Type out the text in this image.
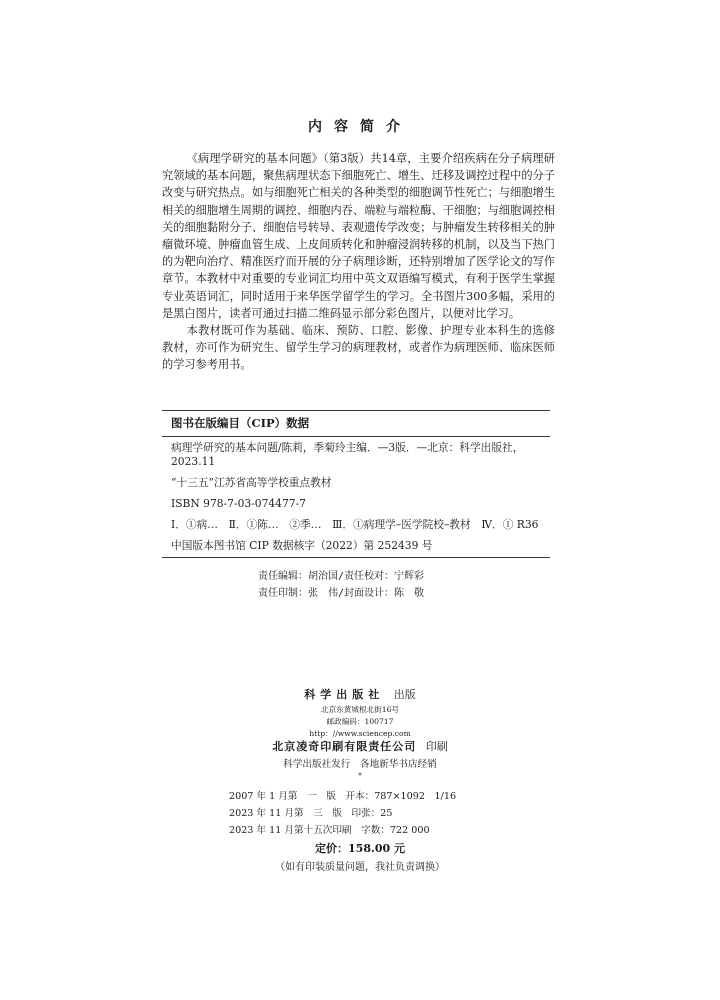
内容简介

《病理学研究的基本问题》（第3版）共14章，主要介绍疾病在分子病理研究领域的基本问题，聚焦病理状态下细胞死亡、增生、迁移及调控过程中的分子改变与研究热点。如与细胞死亡相关的各种类型的细胞调节性死亡；与细胞增生相关的细胞增生周期的调控、细胞内吞、端粒与端粒酶、干细胞；与细胞调控相关的细胞黏附分子、细胞信号转导、表观遗传学改变；与肿瘤发生转移相关的肿瘤微环境、肿瘤血管生成、上皮间质转化和肿瘤浸润转移的机制，以及当下热门的为靶向治疗、精准医疗而开展的分子病理诊断，还特别增加了医学论文的写作章节。本教材中对重要的专业词汇均用中英文双语编写模式，有利于医学生掌握专业英语词汇，同时适用于来华医学留学生的学习。全书图片300多幅，采用的是黑白图片，读者可通过扫描二维码显示部分彩色图片，以便对比学习。

本教材既可作为基础、临床、预防、口腔、影像、护理专业本科生的选修教材，亦可作为研究生、留学生学习的病理教材，或者作为病理医师、临床医师的学习参考用书。

图书在版编目（CIP）数据
病理学研究的基本问题/陈莉，季菊玲主编．—3版．—北京：科学出版社，
2023.11
“十三五”江苏省高等学校重点教材
ISBN 978-7-03-074477-7
Ⅰ．①病…　Ⅱ．①陈…　②季…　Ⅲ．①病理学–医学院校–教材　Ⅳ．① R36
中国版本图书馆 CIP 数据核字（2022）第 252439 号
责任编辑：胡治国/责任校对：宁辉彩
责任印制：张　伟/封面设计：陈　敬
科学出版社 出版
北京东黄城根北街16号
邮政编码：100717
http：//www.sciencep.com
北京凌奇印刷有限责任公司 印刷
科学出版社发行　各地新华书店经销
*
2007 年 1 月第　一　版　开本：787×1092　1/16
2023 年 11 月第　三　版　印张：25
2023 年 11 月第十五次印刷　字数：722 000
定价：158.00 元
（如有印装质量问题，我社负责调换）
